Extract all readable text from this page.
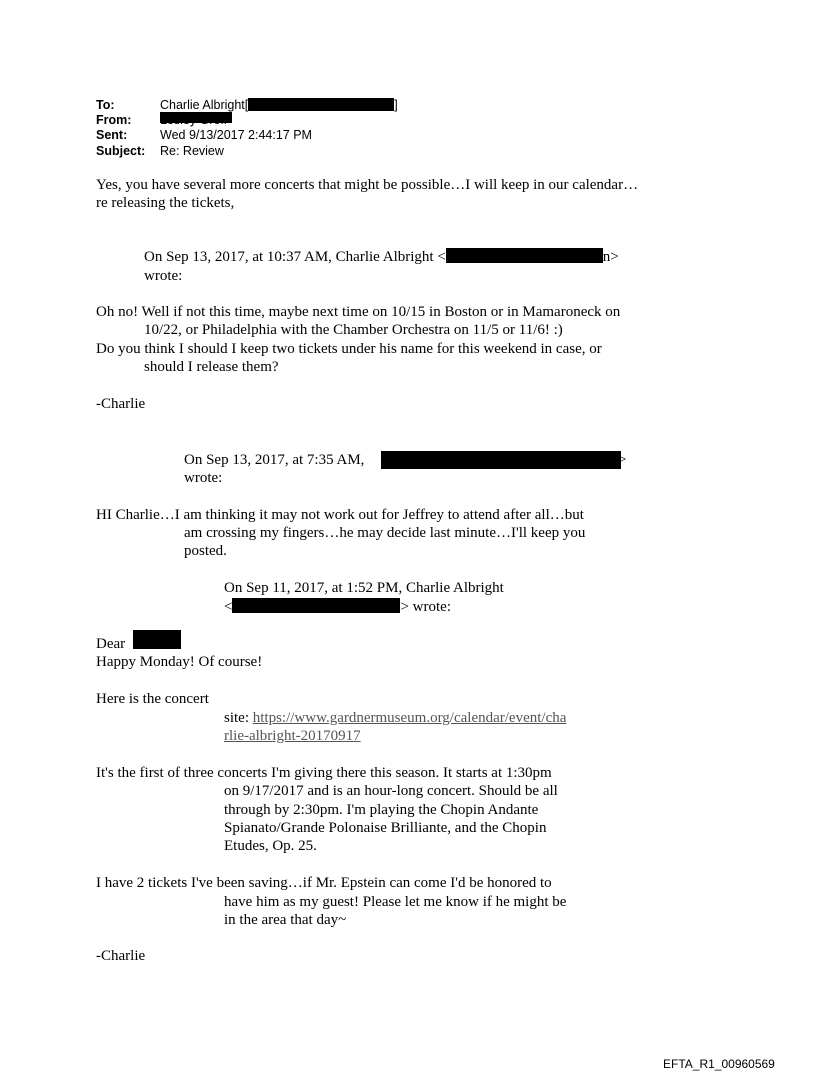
To:	Charlie Albright[	]
From:
Sent:	Wed 9/13/2017 2:44:17 PM
Subject: Re: Review
Yes, you have several more concerts that might be possible…I will keep in our calendar…
re releasing the tickets,
On Sep 13, 2017, at 10:37 AM, Charlie Albright <	n>
wrote:
Oh no! Well if not this time, maybe next time on 10/15 in Boston or in Mamaroneck on
10/22, or Philadelphia with the Chamber Orchestra on 11/5 or 11/6! :)
Do you think I should I keep two tickets under his name for this weekend in case, or
should I release them?
-Charlie
On Sep 13, 2017, at 7:35 AM,	>
wrote:
HI Charlie…I am thinking it may not work out for Jeffrey to attend after all…but
am crossing my fingers…he may decide last minute…I'll keep you
posted.
On Sep 11, 2017, at 1:52 PM, Charlie Albright
<	> wrote:
Dear
Happy Monday! Of course!
Here is the concert
site: https://www.gardnermuseum.org/calendar/event/cha
rlie-albright-20170917
It's the first of three concerts I'm giving there this season. It starts at 1:30pm
on 9/17/2017 and is an hour-long concert. Should be all
through by 2:30pm. I'm playing the Chopin Andante
Spianato/Grande Polonaise Brilliante, and the Chopin
Etudes, Op. 25.
I have 2 tickets I've been saving…if Mr. Epstein can come I'd be honored to
have him as my guest! Please let me know if he might be
in the area that day~
-Charlie
EFTA_R1_00960569
